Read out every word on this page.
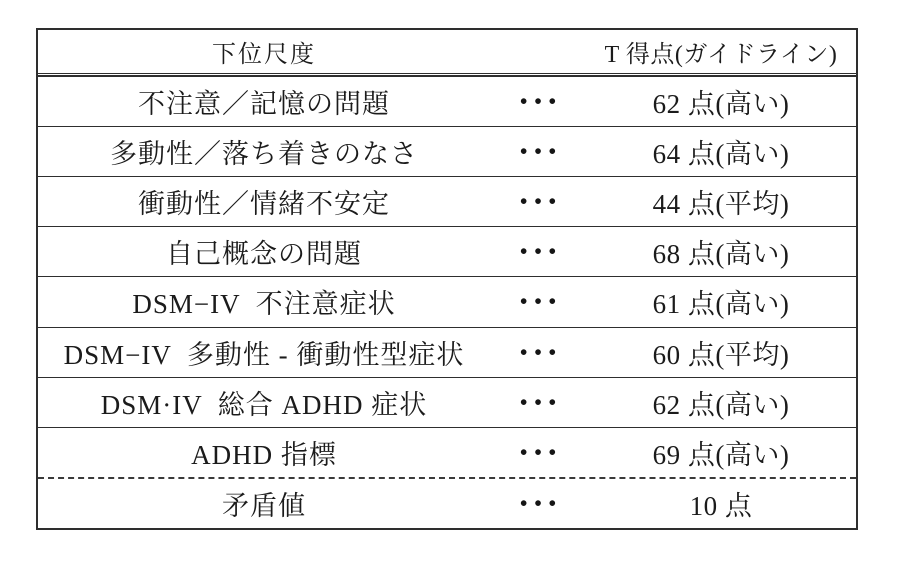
下位尺度	T 得点(ガイドライン)
不注意／記憶の問題	•••	62 点(高い)
多動性／落ち着きのなさ	•••	64 点(高い)
衝動性／情緒不安定	•••	44 点(平均)
自己概念の問題	•••	68 点(高い)
DSM−IV  不注意症状	•••	61 点(高い)
DSM−IV  多動性 - 衝動性型症状	•••	60 点(平均)
DSM·IV  総合 ADHD 症状	•••	62 点(高い)
ADHD 指標	•••	69 点(高い)
矛盾値	•••	10 点
